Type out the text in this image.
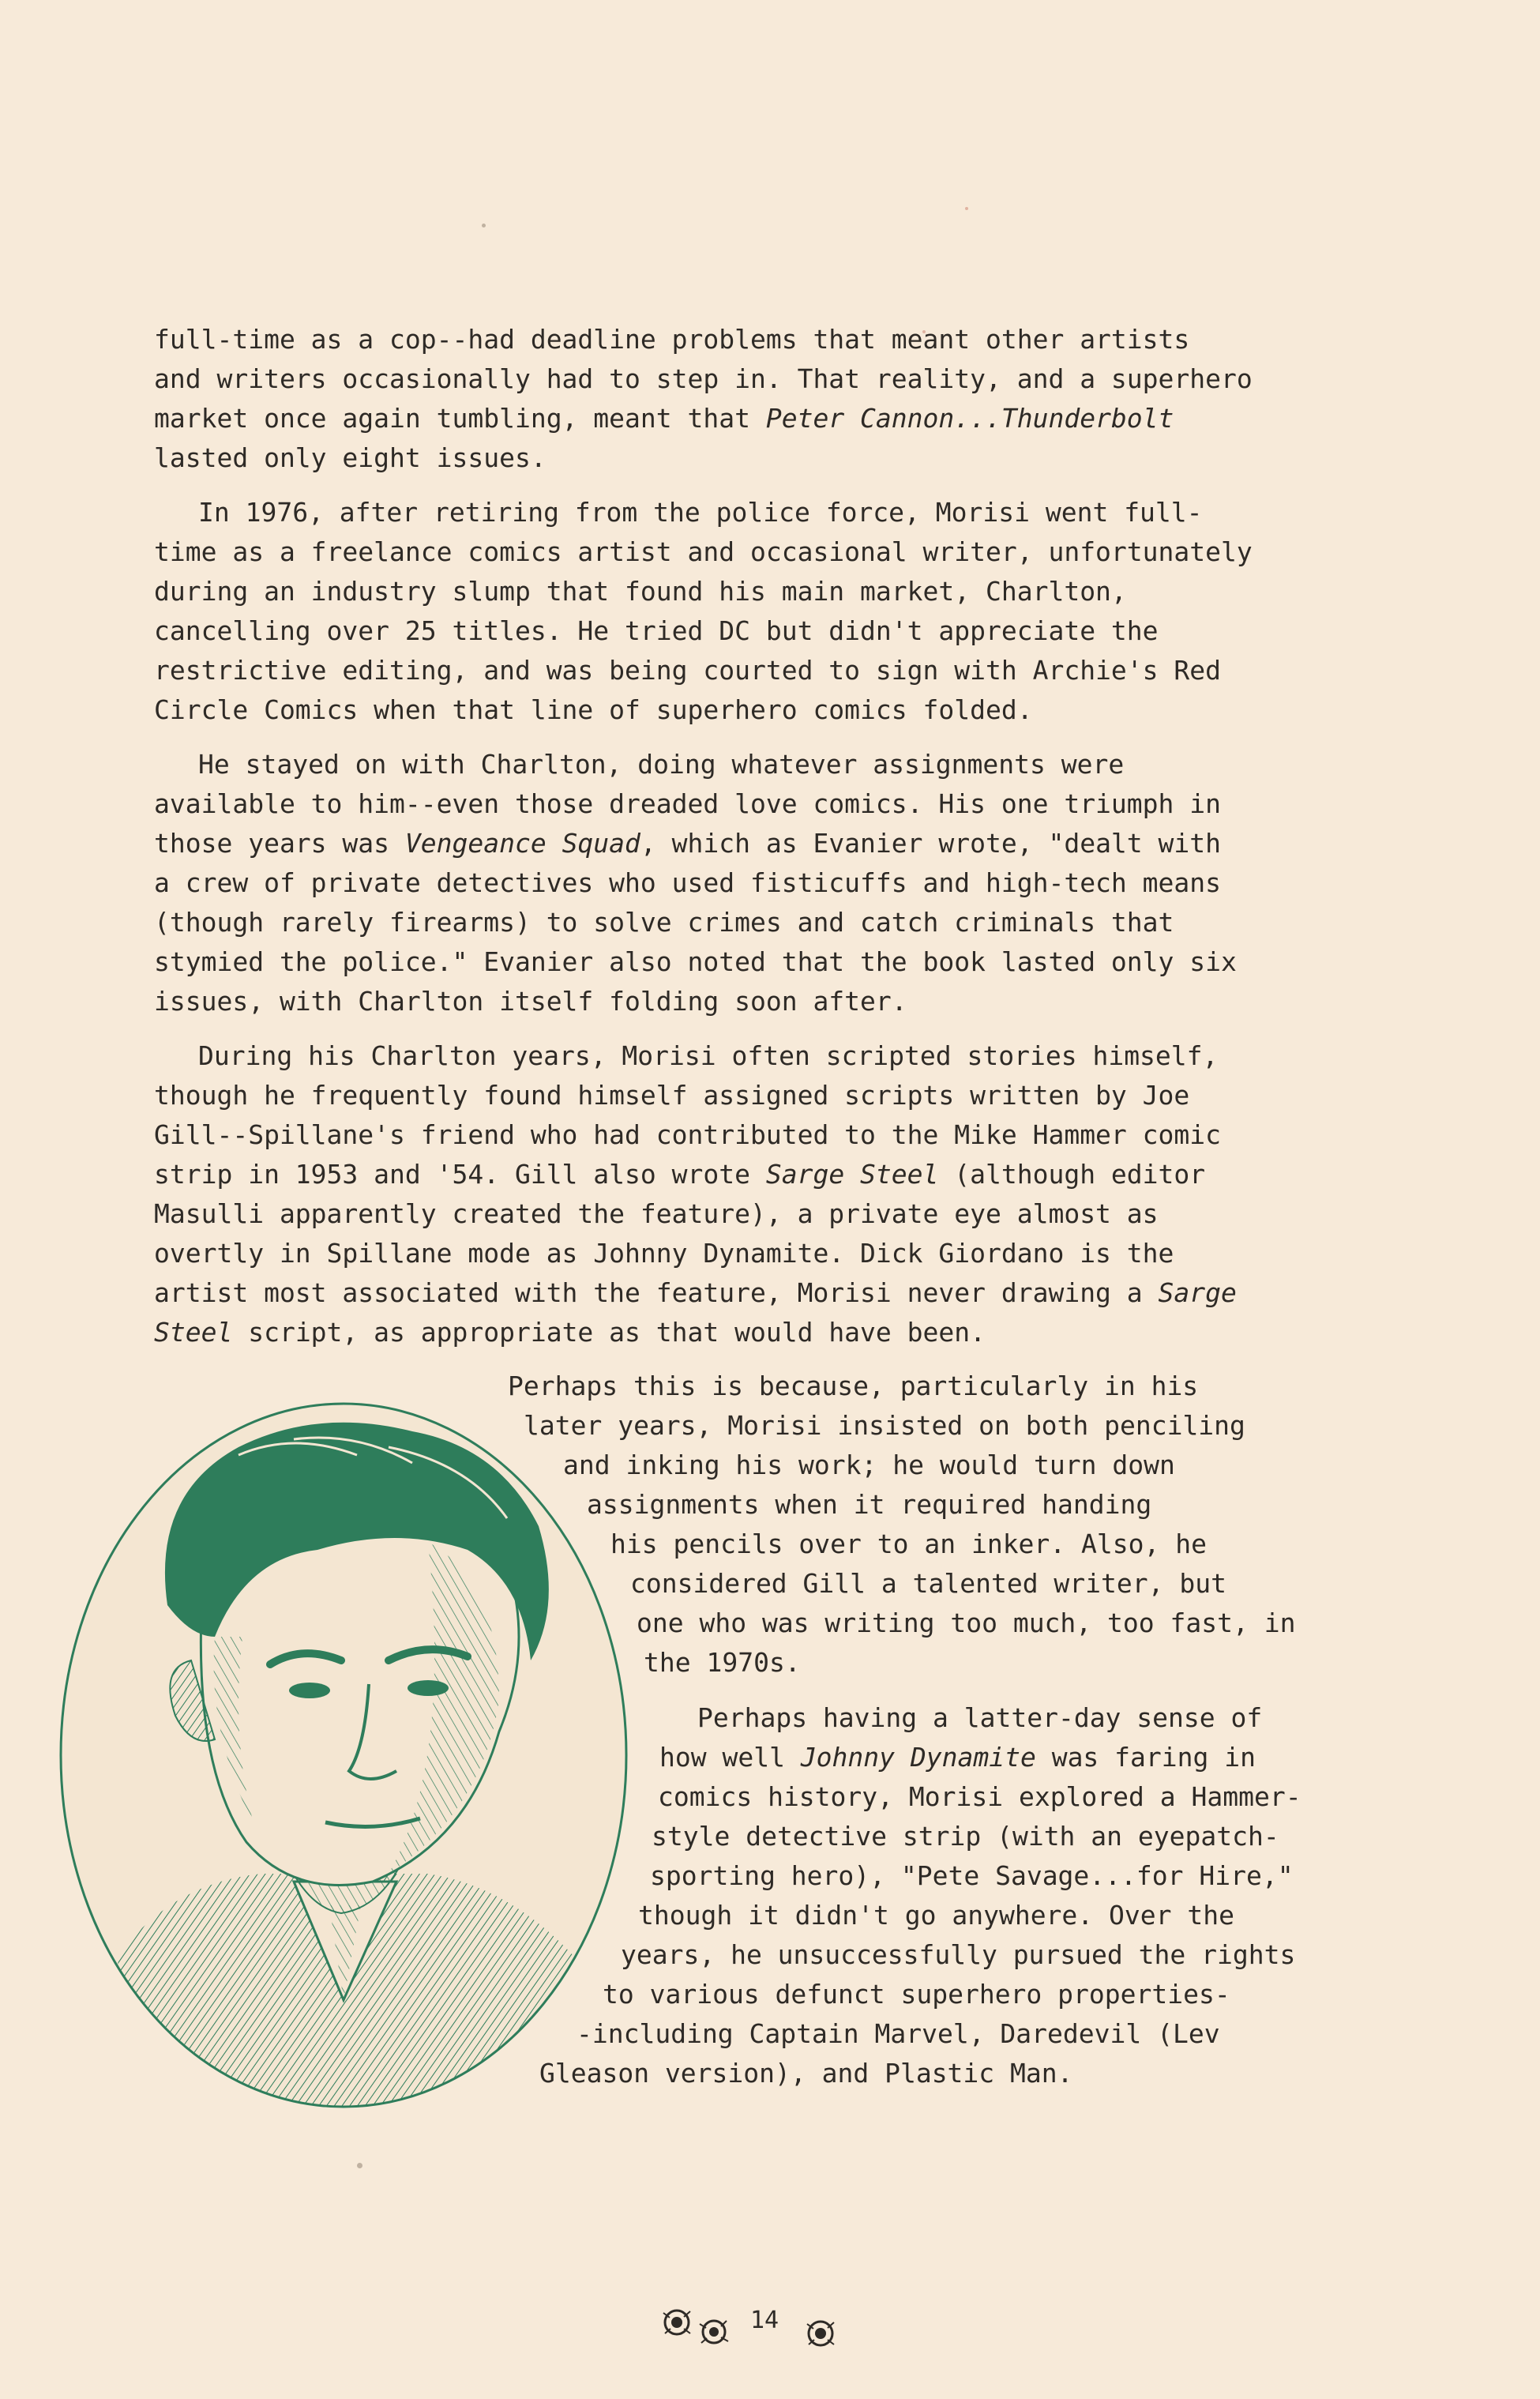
full-time as a cop--had deadline problems that meant other artists
and writers occasionally had to step in. That reality, and a superhero
market once again tumbling, meant that Peter Cannon...Thunderbolt
lasted only eight issues.
In 1976, after retiring from the police force, Morisi went full-
time as a freelance comics artist and occasional writer, unfortunately
during an industry slump that found his main market, Charlton,
cancelling over 25 titles. He tried DC but didn't appreciate the
restrictive editing, and was being courted to sign with Archie's Red
Circle Comics when that line of superhero comics folded.
He stayed on with Charlton, doing whatever assignments were
available to him--even those dreaded love comics. His one triumph in
those years was Vengeance Squad, which as Evanier wrote, "dealt with
a crew of private detectives who used fisticuffs and high-tech means
(though rarely firearms) to solve crimes and catch criminals that
stymied the police." Evanier also noted that the book lasted only six
issues, with Charlton itself folding soon after.
During his Charlton years, Morisi often scripted stories himself,
though he frequently found himself assigned scripts written by Joe
Gill--Spillane's friend who had contributed to the Mike Hammer comic
strip in 1953 and '54. Gill also wrote Sarge Steel (although editor
Masulli apparently created the feature), a private eye almost as
overtly in Spillane mode as Johnny Dynamite. Dick Giordano is the
artist most associated with the feature, Morisi never drawing a Sarge
Steel script, as appropriate as that would have been.
Perhaps this is because, particularly in his
later years, Morisi insisted on both penciling
and inking his work; he would turn down
assignments when it required handing
his pencils over to an inker. Also, he
considered Gill a talented writer, but
one who was writing too much, too fast, in
the 1970s.
Perhaps having a latter-day sense of
how well Johnny Dynamite was faring in
comics history, Morisi explored a Hammer-
style detective strip (with an eyepatch-
sporting hero), "Pete Savage...for Hire,"
though it didn't go anywhere. Over the
years, he unsuccessfully pursued the rights
to various defunct superhero properties-
-including Captain Marvel, Daredevil (Lev
Gleason version), and Plastic Man.
14
